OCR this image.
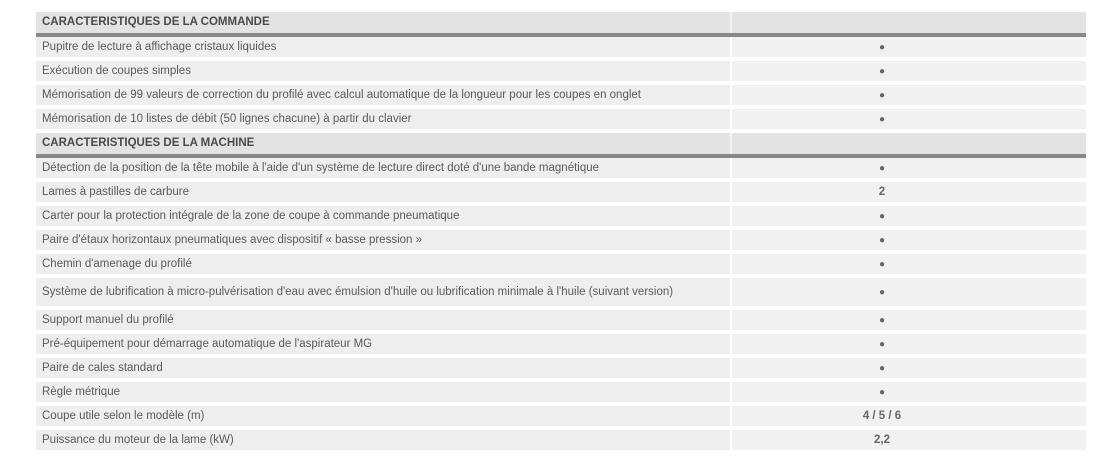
CARACTERISTIQUES DE LA COMMANDE	
Pupitre de lecture à affichage cristaux liquides	●
Exécution de coupes simples	●
Mémorisation de 99 valeurs de correction du profilé avec calcul automatique de la longueur pour les coupes en onglet	●
Mémorisation de 10 listes de débit (50 lignes chacune) à partir du clavier	●
CARACTERISTIQUES DE LA MACHINE	
Détection de la position de la tête mobile à l'aide d'un système de lecture direct doté d'une bande magnétique	●
Lames à pastilles de carbure	2
Carter pour la protection intégrale de la zone de coupe à commande pneumatique	●
Paire d'étaux horizontaux pneumatiques avec dispositif « basse pression »	●
Chemin d'amenage du profilé	●
Système de lubrification à micro-pulvérisation d'eau avec émulsion d'huile ou lubrification minimale à l'huile (suivant version)	●
Support manuel du profilé	●
Pré-équipement pour démarrage automatique de l'aspirateur MG	●
Paire de cales standard	●
Règle métrique	●
Coupe utile selon le modèle (m)	4 / 5 / 6
Puissance du moteur de la lame (kW)	2,2
